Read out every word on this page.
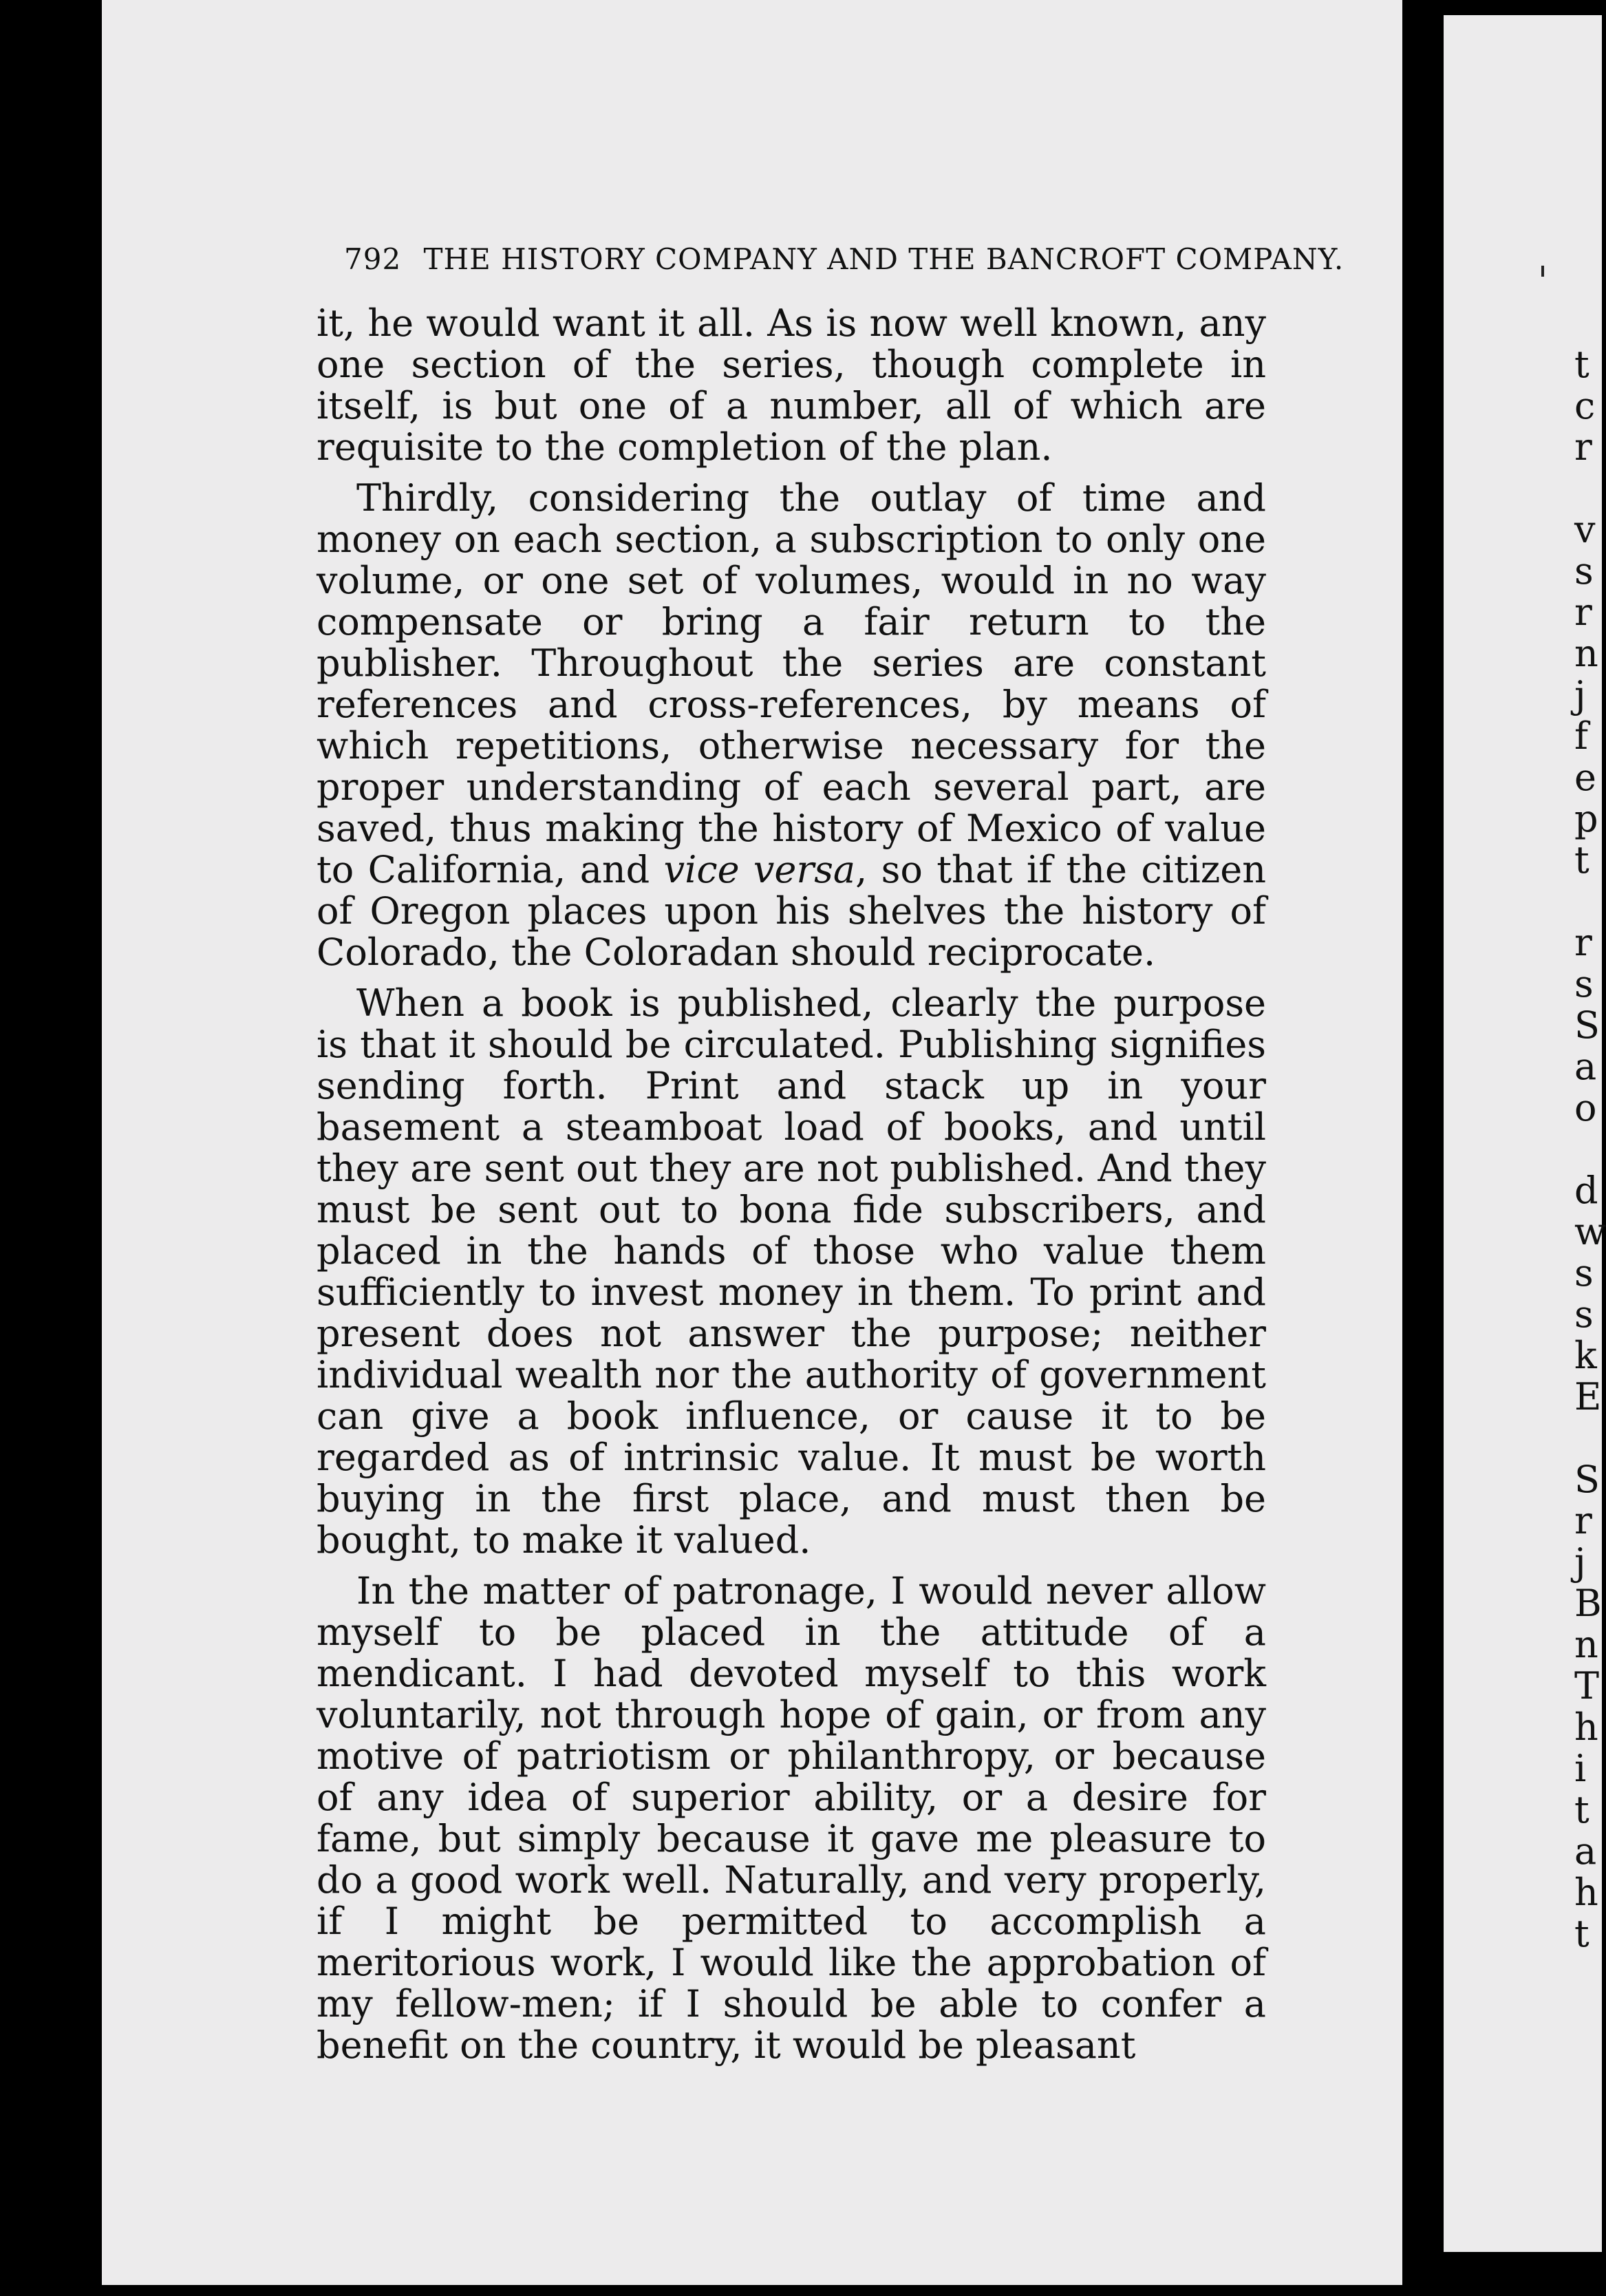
792 THE HISTORY COMPANY AND THE BANCROFT COMPANY.

it, he would want it all. As is now well known, any one section of the series, though complete in itself, is but one of a number, all of which are requisite to the completion of the plan.

Thirdly, considering the outlay of time and money on each section, a subscription to only one volume, or one set of volumes, would in no way compensate or bring a fair return to the publisher. Throughout the series are constant references and cross-references, by means of which repetitions, otherwise necessary for the proper understanding of each several part, are saved, thus making the history of Mexico of value to California, and vice versa, so that if the citizen of Oregon places upon his shelves the history of Colorado, the Coloradan should reciprocate.

When a book is published, clearly the purpose is that it should be circulated. Publishing signifies sending forth. Print and stack up in your basement a steamboat load of books, and until they are sent out they are not published. And they must be sent out to bona fide subscribers, and placed in the hands of those who value them sufficiently to invest money in them. To print and present does not answer the purpose; neither individual wealth nor the authority of government can give a book influence, or cause it to be regarded as of intrinsic value. It must be worth buying in the first place, and must then be bought, to make it valued.

In the matter of patronage, I would never allow myself to be placed in the attitude of a mendicant. I had devoted myself to this work voluntarily, not through hope of gain, or from any motive of patriotism or philanthropy, or because of any idea of superior ability, or a desire for fame, but simply because it gave me pleasure to do a good work well. Naturally, and very properly, if I might be permitted to accomplish a meritorious work, I would like the approbation of my fellow-men; if I should be able to confer a benefit on the country, it would be pleasant

t
c
r
v
s
r
n
j
f
e
p
t
r
s
S
a
o
d
w
s
s
k
E
S
r
j
B
n
T
h
i
t
a
h
t
